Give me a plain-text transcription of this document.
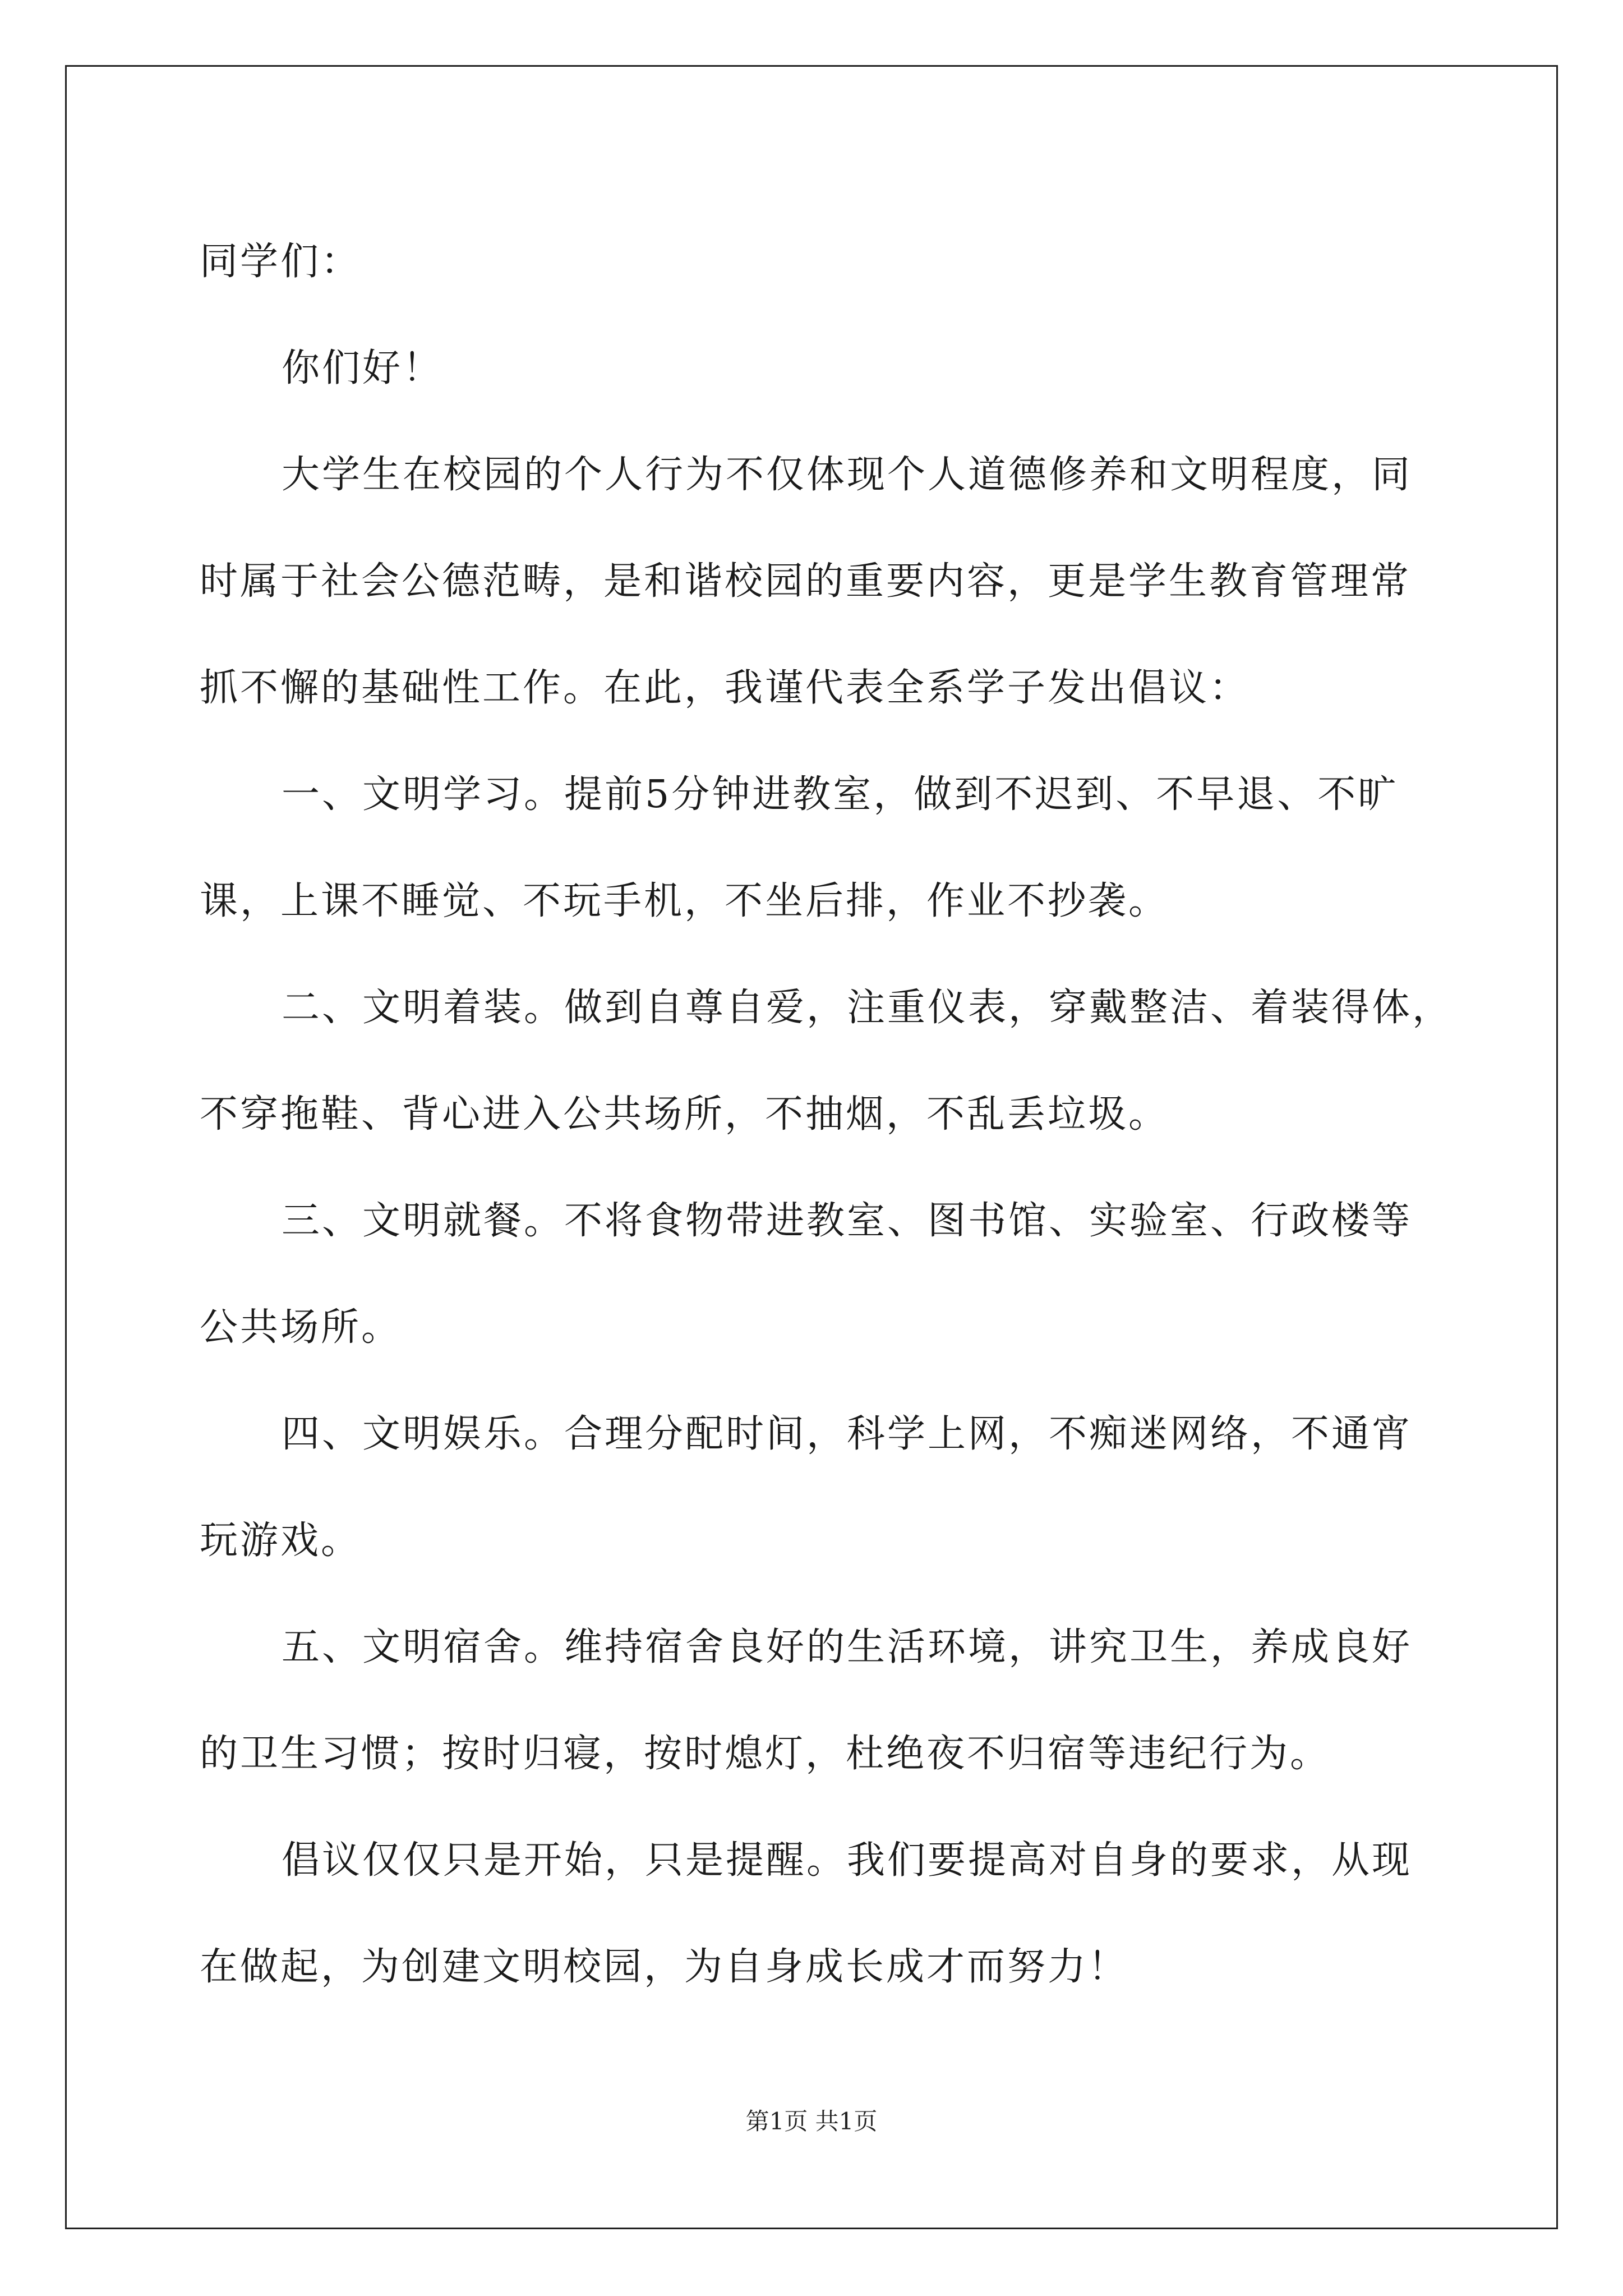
同学们：
你们好！
大学生在校园的个人行为不仅体现个人道德修养和文明程度，同
时属于社会公德范畴，是和谐校园的重要内容，更是学生教育管理常
抓不懈的基础性工作。在此，我谨代表全系学子发出倡议：
一、文明学习。提前5分钟进教室，做到不迟到、不早退、不旷
课，上课不睡觉、不玩手机，不坐后排，作业不抄袭。
二、文明着装。做到自尊自爱，注重仪表，穿戴整洁、着装得体，
不穿拖鞋、背心进入公共场所，不抽烟，不乱丢垃圾。
三、文明就餐。不将食物带进教室、图书馆、实验室、行政楼等
公共场所。
四、文明娱乐。合理分配时间，科学上网，不痴迷网络，不通宵
玩游戏。
五、文明宿舍。维持宿舍良好的生活环境，讲究卫生，养成良好
的卫生习惯；按时归寝，按时熄灯，杜绝夜不归宿等违纪行为。
倡议仅仅只是开始，只是提醒。我们要提高对自身的要求，从现
在做起，为创建文明校园，为自身成长成才而努力！
第1页 共1页
